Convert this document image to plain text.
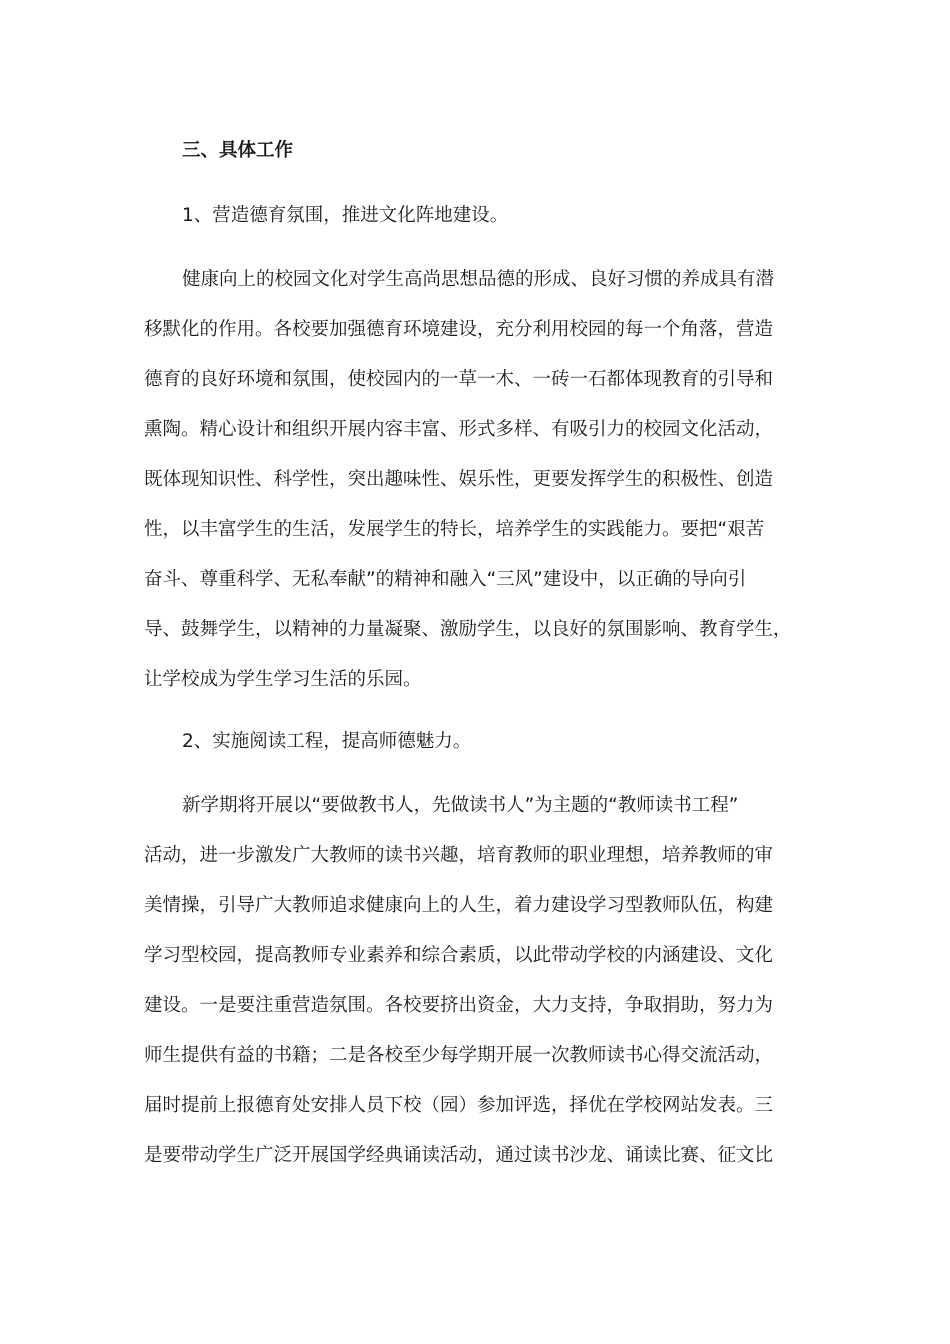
三、具体工作
1、营造德育氛围，推进文化阵地建设。
健康向上的校园文化对学生高尚思想品德的形成、良好习惯的养成具有潜
移默化的作用。各校要加强德育环境建设，充分利用校园的每一个角落，营造
德育的良好环境和氛围，使校园内的一草一木、一砖一石都体现教育的引导和
熏陶。精心设计和组织开展内容丰富、形式多样、有吸引力的校园文化活动，
既体现知识性、科学性，突出趣味性、娱乐性，更要发挥学生的积极性、创造
性，以丰富学生的生活，发展学生的特长，培养学生的实践能力。要把“艰苦
奋斗、尊重科学、无私奉献”的精神和融入“三风”建设中，以正确的导向引
导、鼓舞学生，以精神的力量凝聚、激励学生，以良好的氛围影响、教育学生，
让学校成为学生学习生活的乐园。
2、实施阅读工程，提高师德魅力。
新学期将开展以“要做教书人，先做读书人”为主题的“教师读书工程”
活动，进一步激发广大教师的读书兴趣，培育教师的职业理想，培养教师的审
美情操，引导广大教师追求健康向上的人生，着力建设学习型教师队伍，构建
学习型校园，提高教师专业素养和综合素质，以此带动学校的内涵建设、文化
建设。一是要注重营造氛围。各校要挤出资金，大力支持，争取捐助，努力为
师生提供有益的书籍；二是各校至少每学期开展一次教师读书心得交流活动，
届时提前上报德育处安排人员下校（园）参加评选，择优在学校网站发表。三
是要带动学生广泛开展国学经典诵读活动，通过读书沙龙、诵读比赛、征文比
